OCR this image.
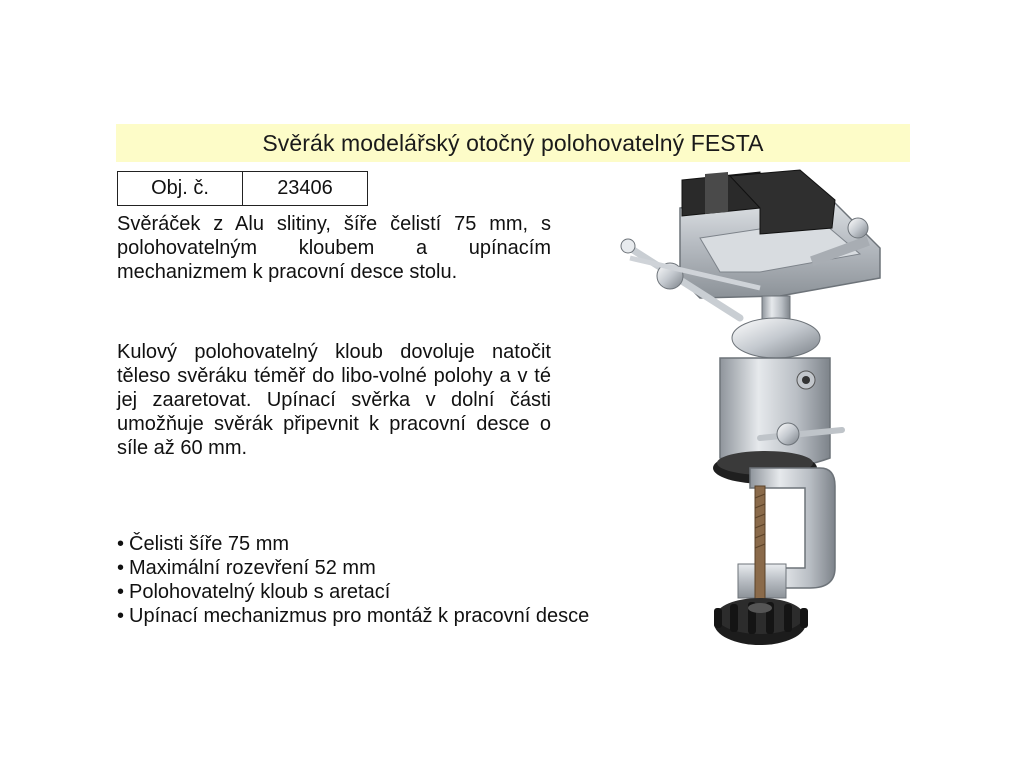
Svěrák modelářský otočný polohovatelný FESTA
Obj. č.	23406

Svěráček z Alu slitiny, šíře čelistí 75 mm, s polohovatelným kloubem a upínacím mechanizmem k pracovní desce stolu.

Kulový polohovatelný kloub dovoluje natočit těleso svěráku téměř do libo-volné polohy a v té jej zaaretovat. Upínací svěrka v dolní části umožňuje svěrák připevnit k pracovní desce o síle až 60 mm.

• Čelisti šíře 75 mm
• Maximální rozevření 52 mm
• Polohovatelný kloub s aretací
• Upínací mechanizmus pro montáž k pracovní desce
